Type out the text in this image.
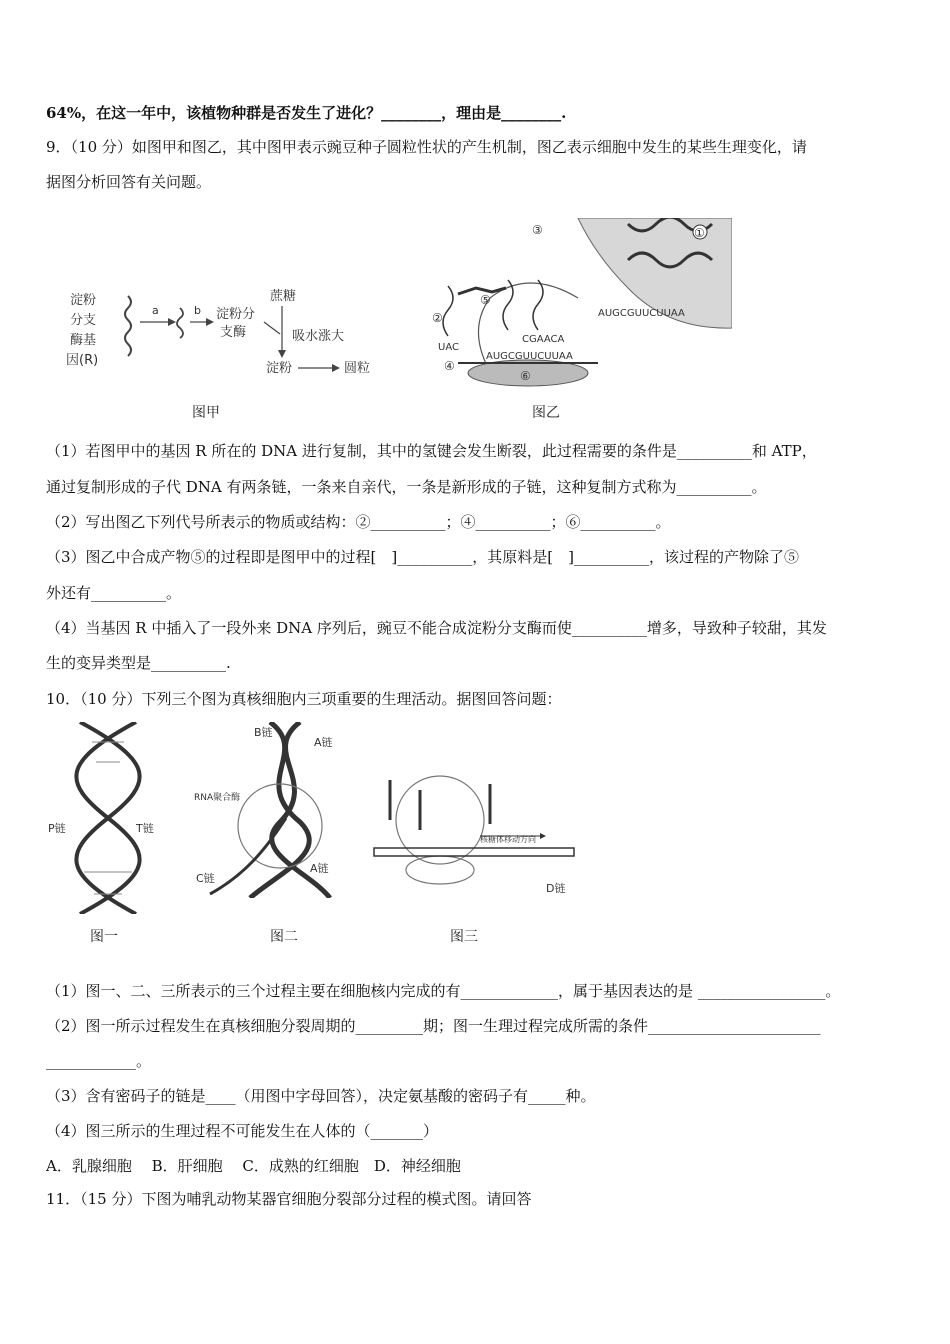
64%，在这一年中，该植物种群是否发生了进化？________，理由是________.
9．（10 分）如图甲和图乙，其中图甲表示豌豆种子圆粒性状的产生机制，图乙表示细胞中发生的某些生理变化，请
据图分析回答有关问题。
淀粉
分支
酶基
因(R)
a	b 淀粉分
支酶
蔗糖
吸水涨大
淀粉	圆粒
图甲
①
AUGCGUUCUUAA
AUGCGUUCUUAA
CGAACA
UAC
②
③
④
⑤
⑥
图乙
（1）若图甲中的基因 R 所在的 DNA 进行复制，其中的氢键会发生断裂，此过程需要的条件是__________和 ATP，
通过复制形成的子代 DNA 有两条链，一条来自亲代，一条是新形成的子链，这种复制方式称为__________。
（2）写出图乙下列代号所表示的物质或结构：②__________；④__________；⑥__________。
（3）图乙中合成产物⑤的过程即是图甲中的过程[　]__________，其原料是[　]__________，该过程的产物除了⑤
外还有__________。
（4）当基因 R 中插入了一段外来 DNA 序列后，豌豆不能合成淀粉分支酶而使__________增多，导致种子较甜，其发
生的变异类型是__________.
10．（10 分）下列三个图为真核细胞内三项重要的生理活动。据图回答问题：
P链	T链
图一
B链
A链
RNA聚合酶
C链
A链
图二
核糖体移动方向
D链
图三
（1）图一、二、三所表示的三个过程主要在细胞核内完成的有_____________，属于基因表达的是 _________________。
（2）图一所示过程发生在真核细胞分裂周期的_________期；图一生理过程完成所需的条件_______________________
____________。
（3）含有密码子的链是____（用图中字母回答），决定氨基酸的密码子有_____种。
（4）图三所示的生理过程不可能发生在人体的（_______）
A．乳腺细胞　 B．肝细胞　 C．成熟的红细胞　D．神经细胞
11．（15 分）下图为哺乳动物某器官细胞分裂部分过程的模式图。请回答
